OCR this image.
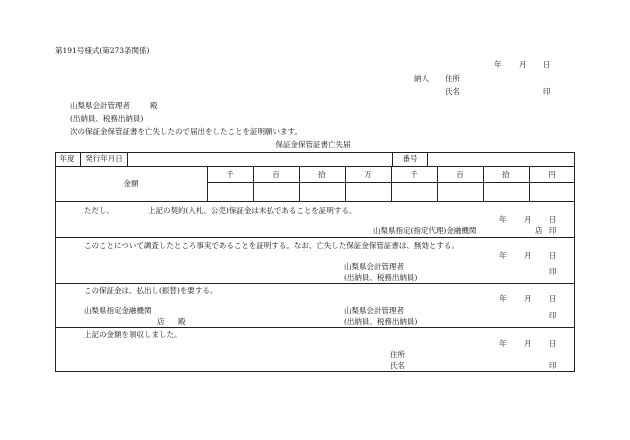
第191号様式(第273条関係)
年 月 日
納人 住所
氏名	印
山梨県会計管理者	殿
(出納員、税務出納員)
次の保証金保管証書を亡失したので届出をしたことを証明願います。
保証金保管証書亡失届
年度 発行年月日	番号
金額
千	百	拾	万	千	百	拾	円
ただし、	上記の契約(入札、公売)保証金は未払であることを証明する。
年 月 日
山梨県指定(指定代理)金融機関	店 印
このことについて調査したところ事実であることを証明する。なお、亡失した保証金保管証書は、無効とする。
年 月 日
山梨県会計管理者
(出納員、税務出納員)
印
この保証金は、払出し(振替)を要する。
年 月 日
山梨県指定金融機関
店 殿
山梨県会計管理者
(出納員、税務出納員)
印
上記の金額を領収しました。
年 月 日
住所
氏名	印
